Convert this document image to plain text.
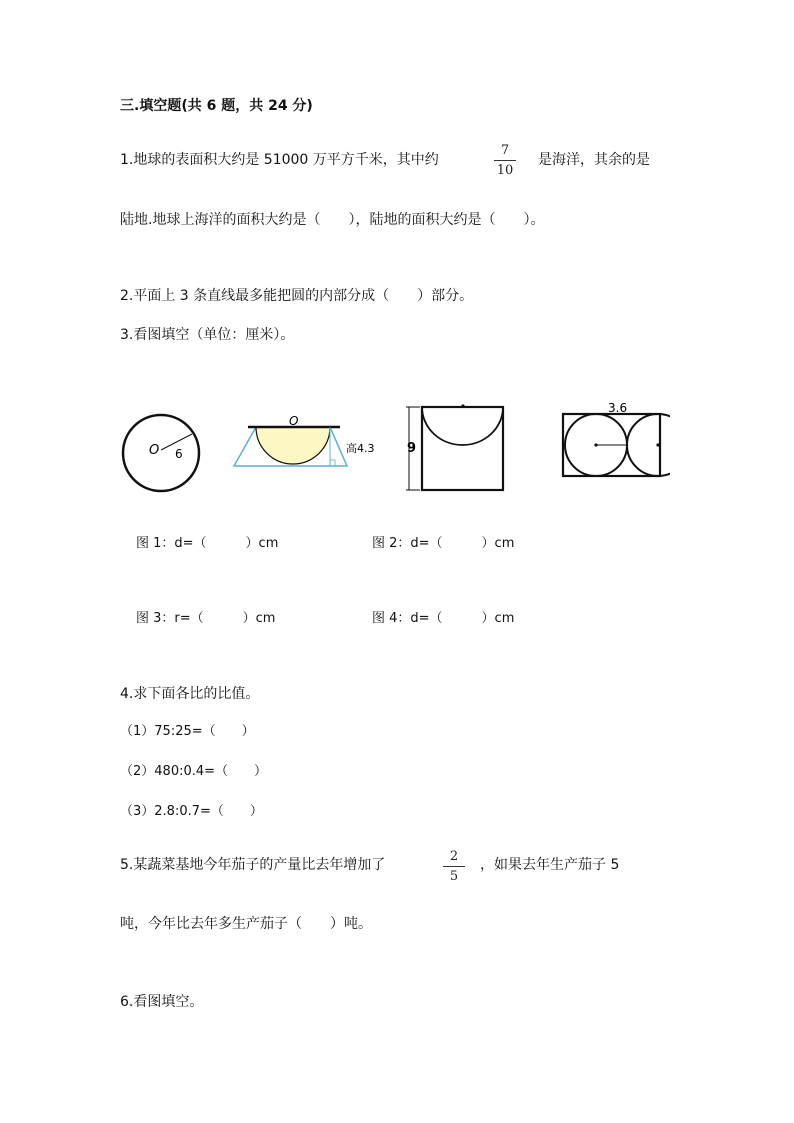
三.填空题(共 6 题，共 24 分)
1.地球的表面积大约是 51000 万平方千米，其中约
7
10
是海洋，其余的是
陆地.地球上海洋的面积大约是（　　），陆地的面积大约是（　　）。
2.平面上 3 条直线最多能把圆的内部分成（　　）部分。
3.看图填空（单位：厘米）。
O 6
O
高4.3	9
3.6
图 1：d=（　　　）cm	图 2：d=（　　　）cm
图 3：r=（　　　）cm	图 4：d=（　　　）cm
4.求下面各比的比值。
（1）75:25=（　　）
（2）480:0.4=（　　）
（3）2.8:0.7=（　　）
5.某蔬菜基地今年茄子的产量比去年增加了
2
5
，如果去年生产茄子 5
吨，今年比去年多生产茄子（　　）吨。
6.看图填空。
